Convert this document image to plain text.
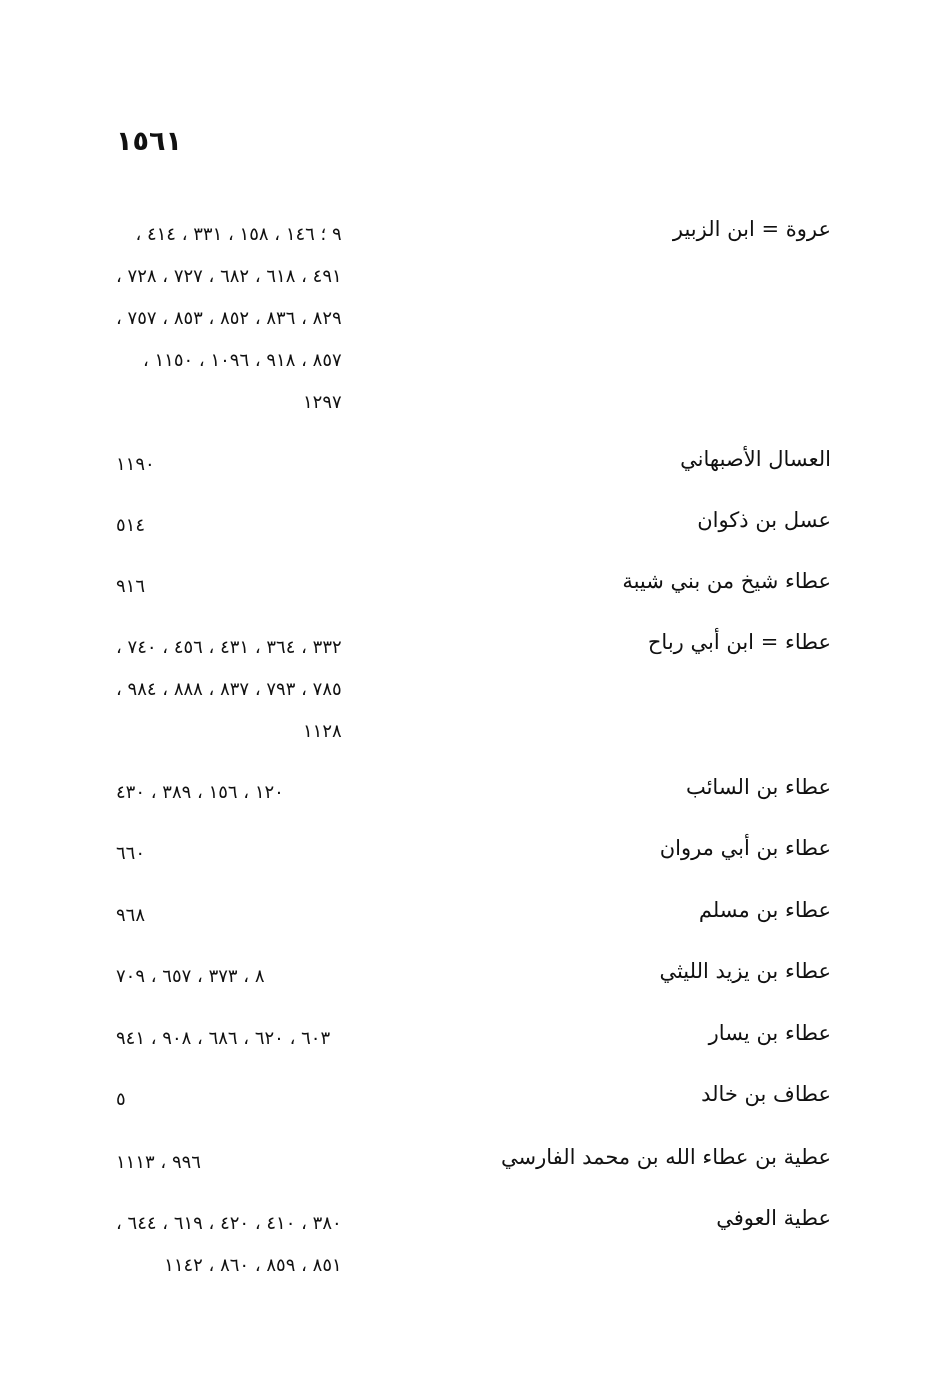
١٥٦١
عروة = ابن الزبير
٩ ؛ ١٤٦ ، ١٥٨ ، ٣٣١ ، ٤١٤ ،
٤٩١ ، ٦١٨ ، ٦٨٢ ، ٧٢٧ ، ٧٢٨ ،
٨٢٩ ، ٨٣٦ ، ٨٥٢ ، ٨٥٣ ، ٧٥٧ ،
٨٥٧ ، ٩١٨ ، ١٠٩٦ ، ١١٥٠ ،
١٢٩٧
العسال الأصبهاني
١١٩٠
عسل بن ذكوان
٥١٤
عطاء شيخ من بني شيبة
٩١٦
عطاء = ابن أبي رباح
٣٣٢ ، ٣٦٤ ، ٤٣١ ، ٤٥٦ ، ٧٤٠ ،
٧٨٥ ، ٧٩٣ ، ٨٣٧ ، ٨٨٨ ، ٩٨٤ ،
١١٢٨
عطاء بن السائب
١٢٠ ، ١٥٦ ، ٣٨٩ ، ٤٣٠
عطاء بن أبي مروان
٦٦٠
عطاء بن مسلم
٩٦٨
عطاء بن يزيد الليثي
٨ ، ٣٧٣ ، ٦٥٧ ، ٧٠٩
عطاء بن يسار
٦٠٣ ، ٦٢٠ ، ٦٨٦ ، ٩٠٨ ، ٩٤١
عطاف بن خالد
٥
عطية بن عطاء الله بن محمد الفارسي
٩٩٦ ، ١١١٣
عطية العوفي
٣٨٠ ، ٤١٠ ، ٤٢٠ ، ٦١٩ ، ٦٤٤ ،
٨٥١ ، ٨٥٩ ، ٨٦٠ ، ١١٤٢
